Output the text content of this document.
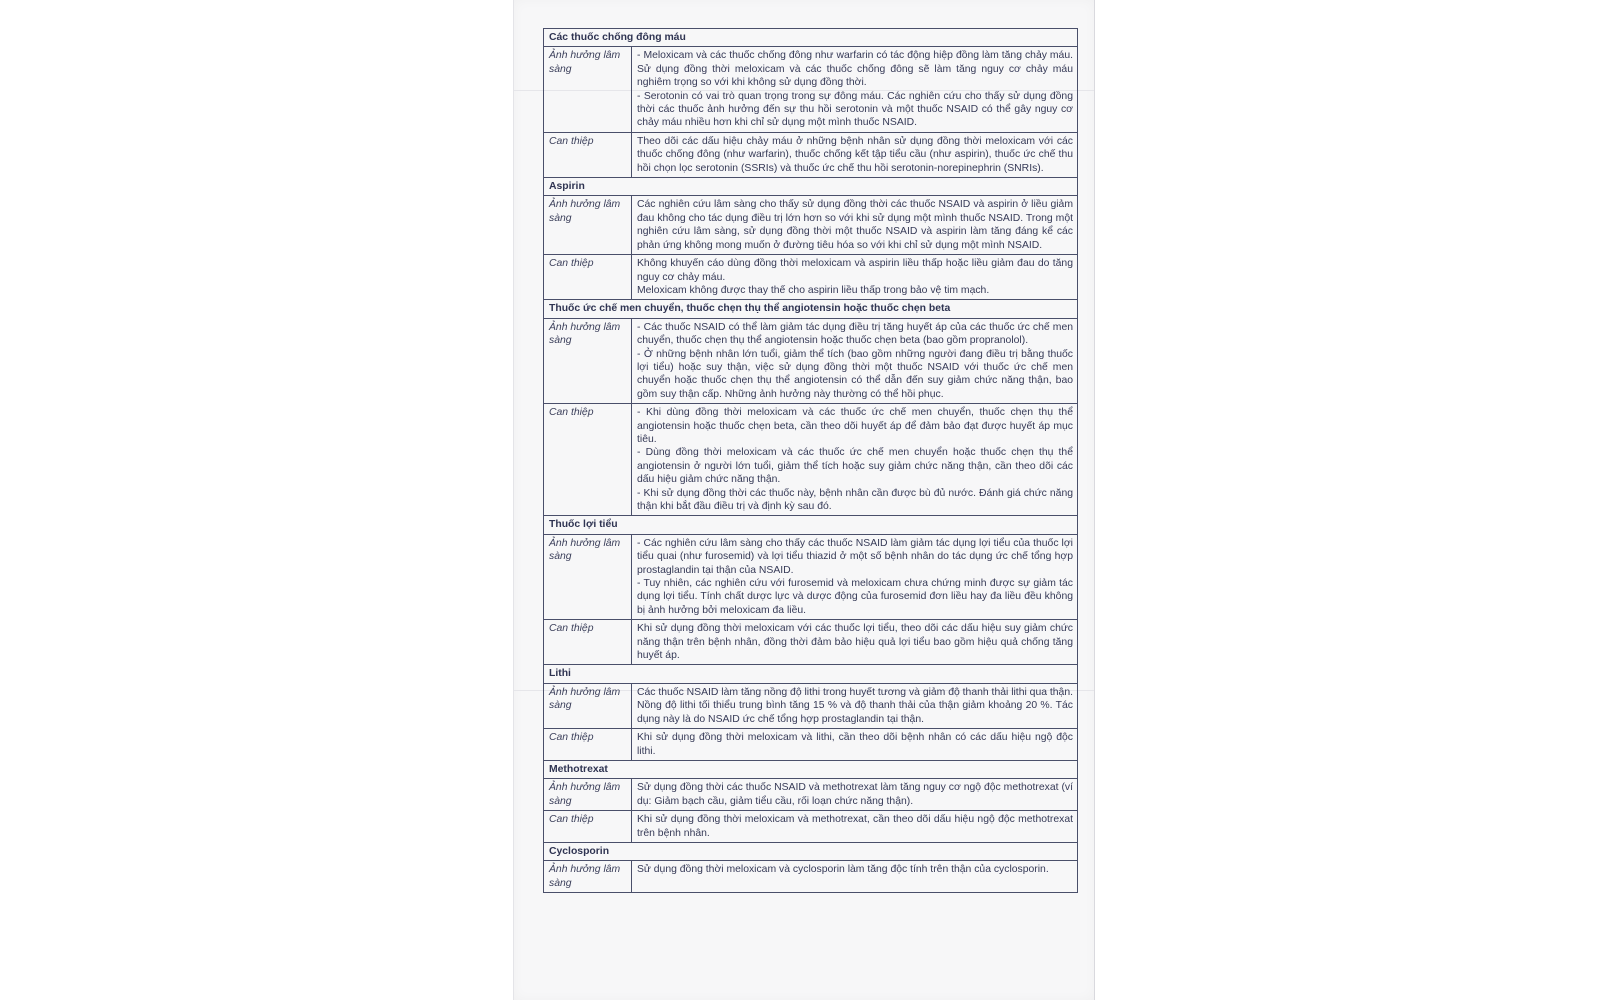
Các thuốc chống đông máu	
Ảnh hưởng lâm sàng	- Meloxicam và các thuốc chống đông như warfarin có tác động hiệp đồng làm tăng chảy máu. Sử dụng đồng thời meloxicam và các thuốc chống đông sẽ làm tăng nguy cơ chảy máu nghiêm trọng so với khi không sử dụng đồng thời.

- Serotonin có vai trò quan trọng trong sự đông máu. Các nghiên cứu cho thấy sử dụng đồng thời các thuốc ảnh hưởng đến sự thu hồi serotonin và một thuốc NSAID có thể gây nguy cơ chảy máu nhiều hơn khi chỉ sử dụng một mình thuốc NSAID.

Can thiệp	Theo dõi các dấu hiệu chảy máu ở những bệnh nhân sử dụng đồng thời meloxicam với các thuốc chống đông (như warfarin), thuốc chống kết tập tiểu cầu (như aspirin), thuốc ức chế thu hồi chọn lọc serotonin (SSRIs) và thuốc ức chế thu hồi serotonin-norepinephrin (SNRIs).

Aspirin	
Ảnh hưởng lâm sàng	Các nghiên cứu lâm sàng cho thấy sử dụng đồng thời các thuốc NSAID và aspirin ở liều giảm đau không cho tác dụng điều trị lớn hơn so với khi sử dụng một mình thuốc NSAID. Trong một nghiên cứu lâm sàng, sử dụng đồng thời một thuốc NSAID và aspirin làm tăng đáng kể các phản ứng không mong muốn ở đường tiêu hóa so với khi chỉ sử dụng một mình NSAID.

Can thiệp	Không khuyến cáo dùng đồng thời meloxicam và aspirin liều thấp hoặc liều giảm đau do tăng nguy cơ chảy máu.

Meloxicam không được thay thế cho aspirin liều thấp trong bảo vệ tim mạch.

Thuốc ức chế men chuyển, thuốc chẹn thụ thể angiotensin hoặc thuốc chẹn beta	
Ảnh hưởng lâm sàng	- Các thuốc NSAID có thể làm giảm tác dụng điều trị tăng huyết áp của các thuốc ức chế men chuyển, thuốc chẹn thụ thể angiotensin hoặc thuốc chẹn beta (bao gồm propranolol).

- Ở những bệnh nhân lớn tuổi, giảm thể tích (bao gồm những người đang điều trị bằng thuốc lợi tiểu) hoặc suy thận, việc sử dụng đồng thời một thuốc NSAID với thuốc ức chế men chuyển hoặc thuốc chẹn thụ thể angiotensin có thể dẫn đến suy giảm chức năng thận, bao gồm suy thận cấp. Những ảnh hưởng này thường có thể hồi phục.

Can thiệp	- Khi dùng đồng thời meloxicam và các thuốc ức chế men chuyển, thuốc chẹn thụ thể angiotensin hoặc thuốc chẹn beta, cần theo dõi huyết áp để đảm bảo đạt được huyết áp mục tiêu.

- Dùng đồng thời meloxicam và các thuốc ức chế men chuyển hoặc thuốc chẹn thụ thể angiotensin ở người lớn tuổi, giảm thể tích hoặc suy giảm chức năng thận, cần theo dõi các dấu hiệu giảm chức năng thận.

- Khi sử dụng đồng thời các thuốc này, bệnh nhân cần được bù đủ nước. Đánh giá chức năng thận khi bắt đầu điều trị và định kỳ sau đó.

Thuốc lợi tiểu	
Ảnh hưởng lâm sàng	- Các nghiên cứu lâm sàng cho thấy các thuốc NSAID làm giảm tác dụng lợi tiểu của thuốc lợi tiểu quai (như furosemid) và lợi tiểu thiazid ở một số bệnh nhân do tác dụng ức chế tổng hợp prostaglandin tại thận của NSAID.

- Tuy nhiên, các nghiên cứu với furosemid và meloxicam chưa chứng minh được sự giảm tác dụng lợi tiểu. Tính chất dược lực và dược động của furosemid đơn liều hay đa liều đều không bị ảnh hưởng bởi meloxicam đa liều.

Can thiệp	Khi sử dụng đồng thời meloxicam với các thuốc lợi tiểu, theo dõi các dấu hiệu suy giảm chức năng thận trên bệnh nhân, đồng thời đảm bảo hiệu quả lợi tiểu bao gồm hiệu quả chống tăng huyết áp.

Lithi	
Ảnh hưởng lâm sàng	Các thuốc NSAID làm tăng nồng độ lithi trong huyết tương và giảm độ thanh thải lithi qua thận. Nồng độ lithi tối thiểu trung bình tăng 15 % và độ thanh thải của thận giảm khoảng 20 %. Tác dụng này là do NSAID ức chế tổng hợp prostaglandin tại thận.

Can thiệp	Khi sử dụng đồng thời meloxicam và lithi, cần theo dõi bệnh nhân có các dấu hiệu ngộ độc lithi.

Methotrexat	
Ảnh hưởng lâm sàng	Sử dụng đồng thời các thuốc NSAID và methotrexat làm tăng nguy cơ ngộ độc methotrexat (ví dụ: Giảm bạch cầu, giảm tiểu cầu, rối loạn chức năng thận).

Can thiệp	Khi sử dụng đồng thời meloxicam và methotrexat, cần theo dõi dấu hiệu ngộ độc methotrexat trên bệnh nhân.

Cyclosporin	
Ảnh hưởng lâm sàng	Sử dụng đồng thời meloxicam và cyclosporin làm tăng độc tính trên thận của cyclosporin.
